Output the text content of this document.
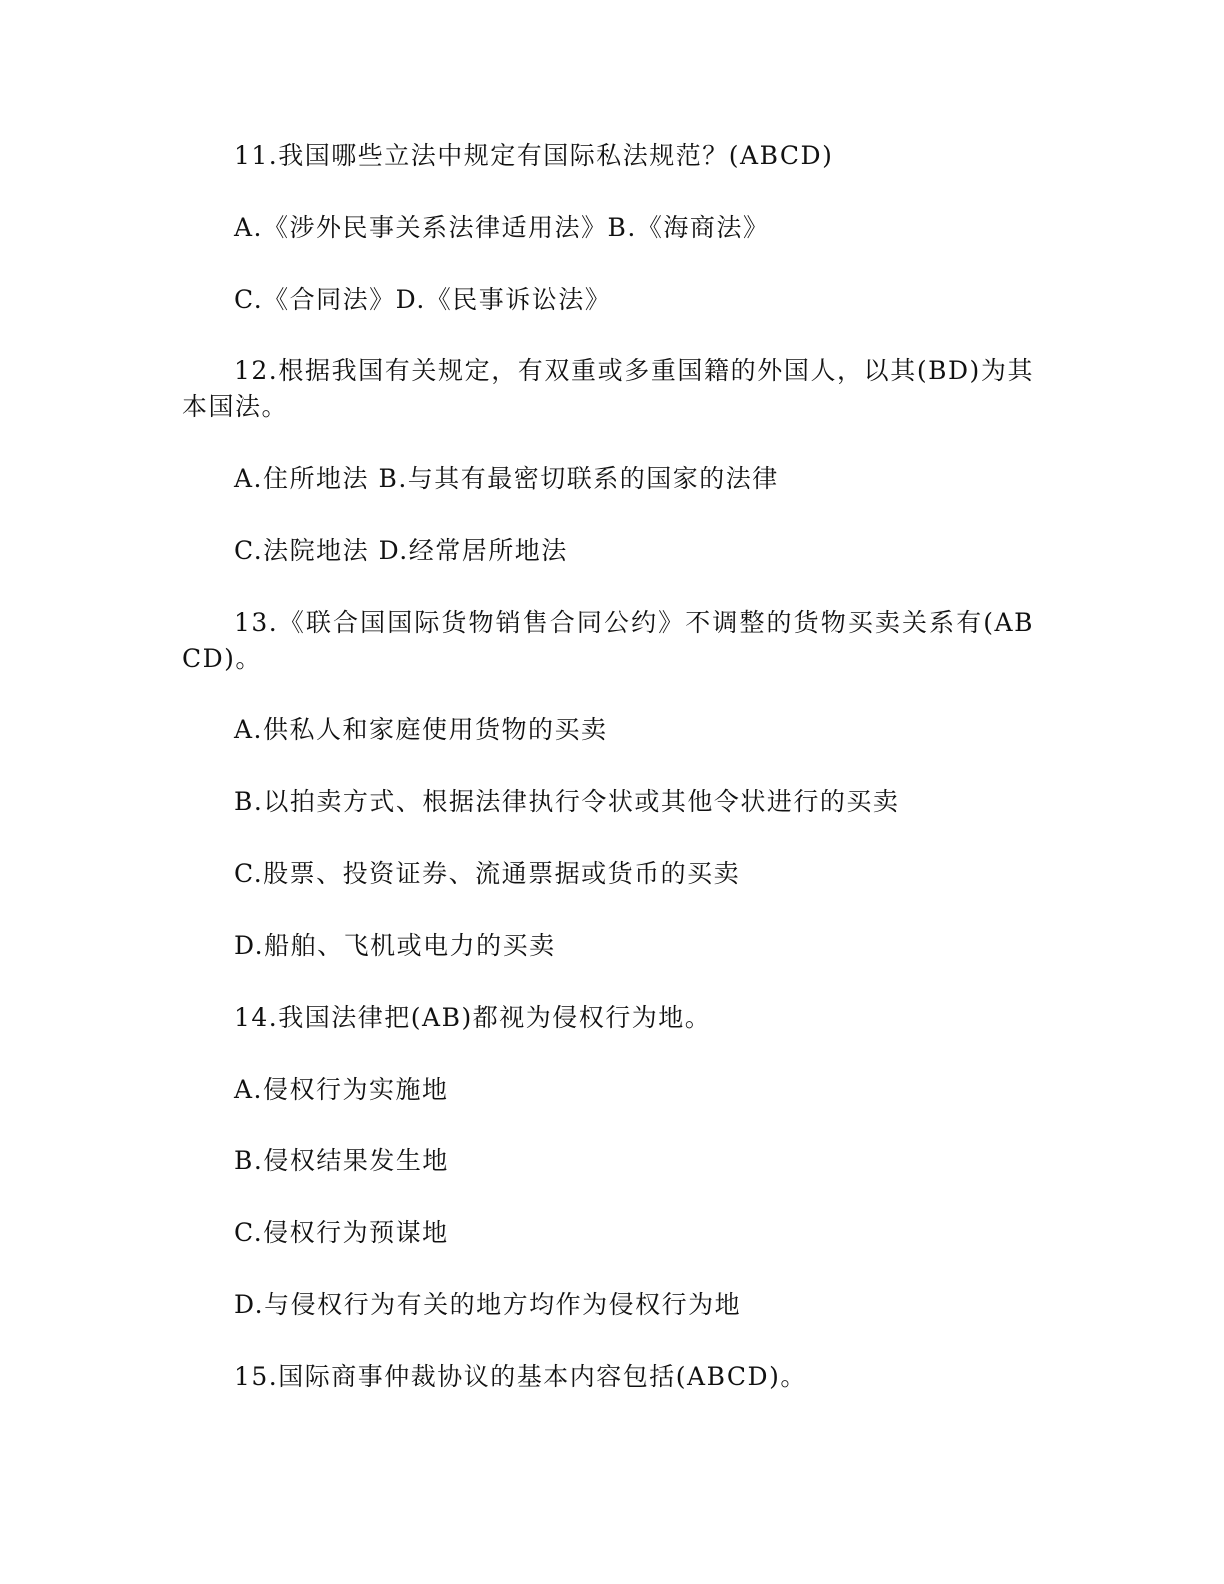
11.我国哪些立法中规定有国际私法规范？(ABCD)

A.《涉外民事关系法律适用法》B.《海商法》

C.《合同法》D.《民事诉讼法》

12.根据我国有关规定，有双重或多重国籍的外国人，以其(BD)为其本国法。

A.住所地法 B.与其有最密切联系的国家的法律

C.法院地法 D.经常居所地法

13.《联合国国际货物销售合同公约》不调整的货物买卖关系有(ABCD)。

A.供私人和家庭使用货物的买卖

B.以拍卖方式、根据法律执行令状或其他令状进行的买卖

C.股票、投资证券、流通票据或货币的买卖

D.船舶、飞机或电力的买卖

14.我国法律把(AB)都视为侵权行为地。

A.侵权行为实施地

B.侵权结果发生地

C.侵权行为预谋地

D.与侵权行为有关的地方均作为侵权行为地

15.国际商事仲裁协议的基本内容包括(ABCD)。
